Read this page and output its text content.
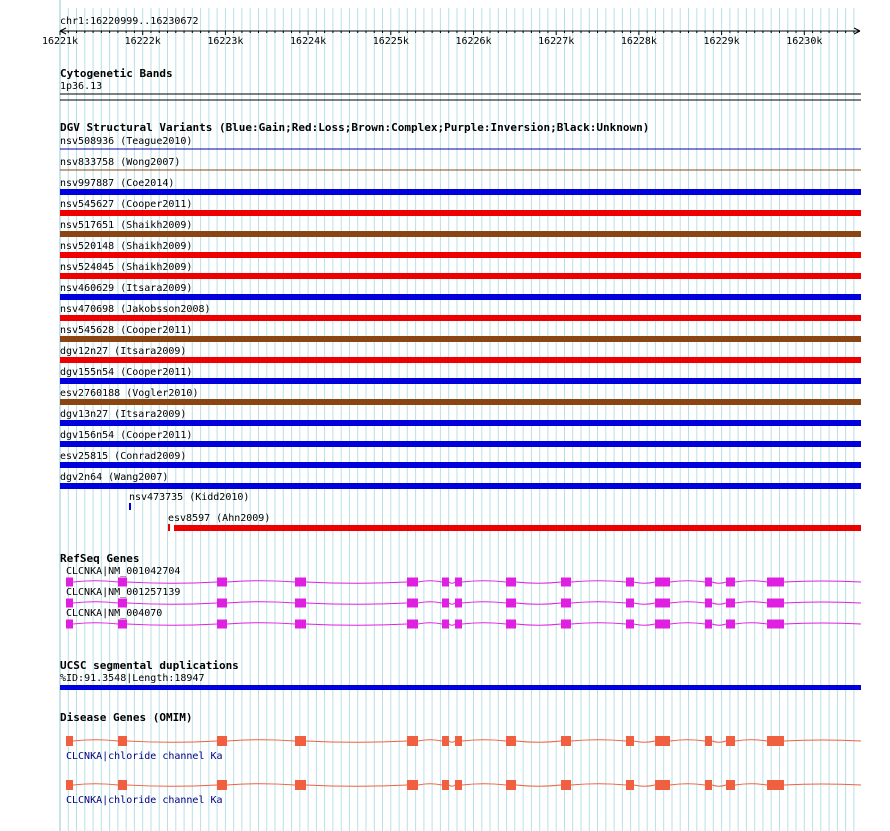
chr1:16220999..16230672
16221k	16222k	16223k	16224k	16225k	16226k	16227k	16228k	16229k	16230k
Cytogenetic Bands
1p36.13
DGV Structural Variants (Blue:Gain;Red:Loss;Brown:Complex;Purple:Inversion;Black:Unknown)
nsv508936 (Teague2010)
nsv833758 (Wong2007)
nsv997887 (Coe2014)
nsv545627 (Cooper2011)
nsv517651 (Shaikh2009)
nsv520148 (Shaikh2009)
nsv524045 (Shaikh2009)
nsv460629 (Itsara2009)
nsv470698 (Jakobsson2008)
nsv545628 (Cooper2011)
dgv12n27 (Itsara2009)
dgv155n54 (Cooper2011)
esv2760188 (Vogler2010)
dgv13n27 (Itsara2009)
dgv156n54 (Cooper2011)
esv25815 (Conrad2009)
dgv2n64 (Wang2007)
nsv473735 (Kidd2010)
esv8597 (Ahn2009)
RefSeq Genes
CLCNKA|NM_001042704
CLCNKA|NM_001257139
CLCNKA|NM_004070
UCSC segmental duplications
%ID:91.3548|Length:18947
Disease Genes (OMIM)
CLCNKA|chloride channel Ka
CLCNKA|chloride channel Ka
